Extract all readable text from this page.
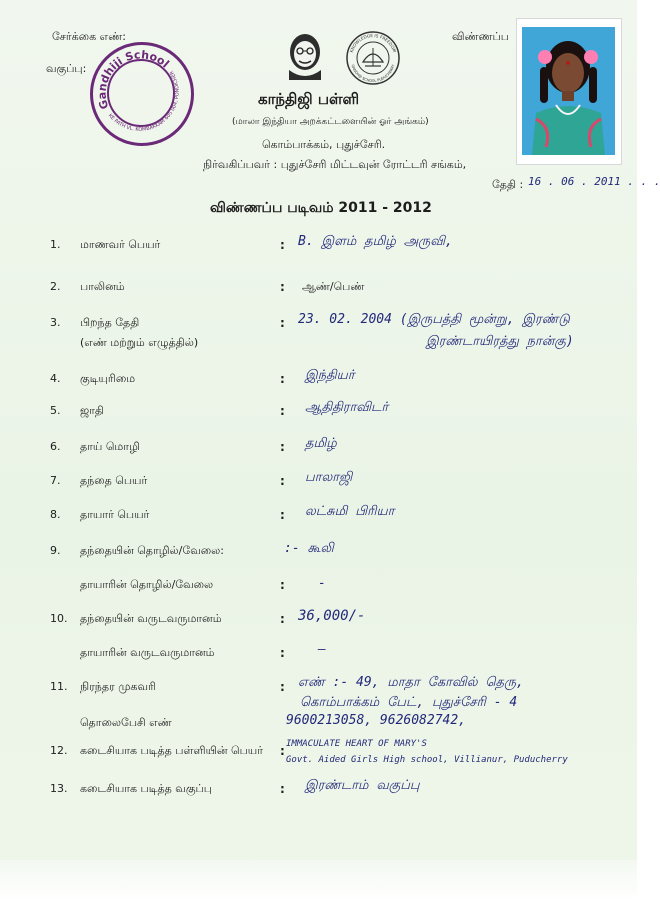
சேர்க்கை எண்:
வகுப்பு:
Gandhiji School
LAKE PATH VL. KOMBAKKAM 605 004, PONDICHERRY
KNOWLEDGE IS FREEDOM
GANDHIJI SCHOOL PUDUCHERRY
காந்திஜி பள்ளி
(மாலா இந்தியா அறக்கட்டளையின் ஓர் அங்கம்)
கொம்பாக்கம், புதுச்சேரி.
நிர்வகிப்பவர் : புதுச்சேரி மிட்டவுன் ரோட்டரி சங்கம்,
விண்ணப்ப
தேதி : 16 . 06 . 2011 . . .
விண்ணப்ப படிவம் 2011 - 2012
1. மாணவர் பெயர்	: B. இளம் தமிழ் அருவி,
2. பாலினம்	: ஆண்/பெண்
3. பிறந்த தேதி
(எண் மற்றும் எழுத்தில்)
: 23. 02. 2004 (இருபத்தி மூன்று, இரண்டு
இரண்டாயிரத்து நான்கு)
4. குடியுரிமை	: இந்தியர்
5. ஜாதி	: ஆதிதிராவிடர்
6. தாய் மொழி	: தமிழ்
7. தந்தை பெயர்	: பாலாஜி
8. தாயார் பெயர்	: லட்சுமி பிரியா
9. தந்தையின் தொழில்/வேலை:	:- கூலி
தாயாரின் தொழில்/வேலை	:	-
10. தந்தையின் வருடவருமானம்	: 36,000/-
தாயாரின் வருடவருமானம்	:	—
11. நிரந்தர முகவரி	: எண் :- 49, மாதா கோவில் தெரு,
கொம்பாக்கம் பேட், புதுச்சேரி - 4
தொலைபேசி எண்	9600213058, 9626082742,
12. கடைசியாக படித்த பள்ளியின் பெயர் : IMMACULATE HEART OF MARY'S
Govt. Aided Girls High school, Villianur, Puducherry
13. கடைசியாக படித்த வகுப்பு	: இரண்டாம் வகுப்பு
